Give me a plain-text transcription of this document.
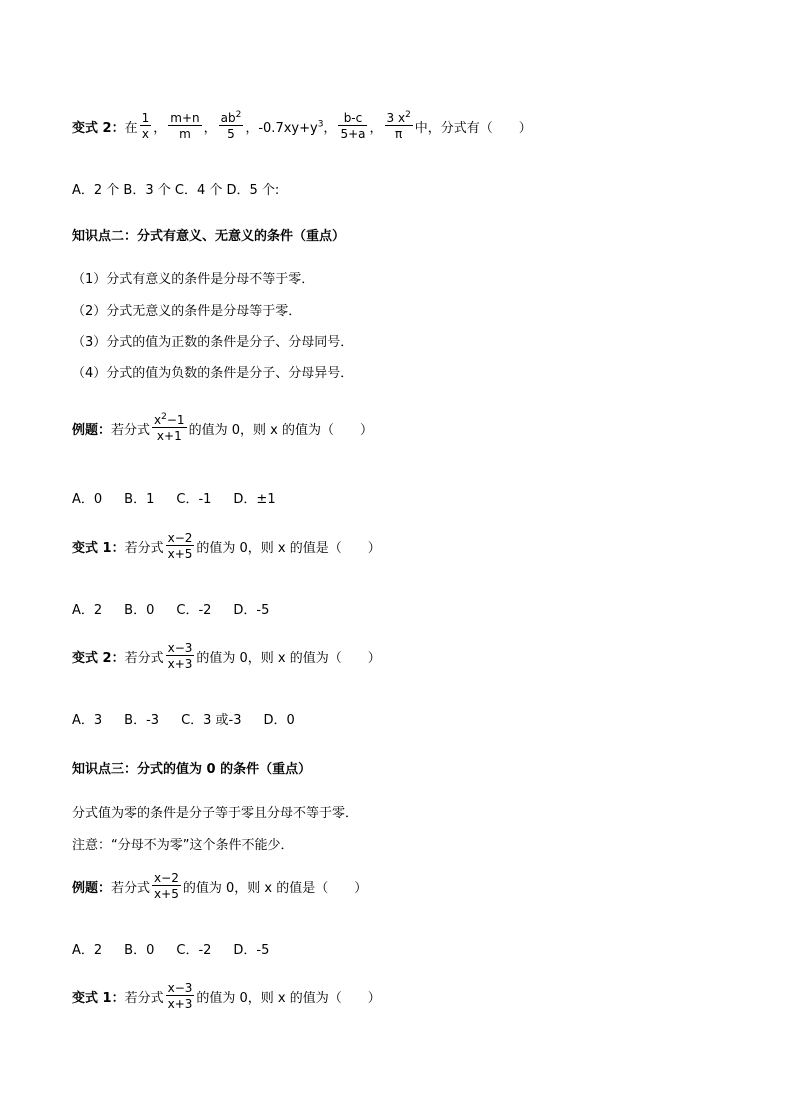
变式 2： 在 $\frac{1}{x}$ ， $\frac{m+n}{m}$ ， $\frac{ab^2}{5}$ ，$-0.7xy+y^3$ ， $\frac{b-c}{5+a}$ ， $\frac{3 x^2}{\pi}$ 中，分式有（　　）
A．2 个 B．3 个 C．4 个 D．5 个:
知识点二：分式有意义、无意义的条件（重点）
（1）分式有意义的条件是分母不等于零．
（2）分式无意义的条件是分母等于零．
（3）分式的值为正数的条件是分子、分母同号．
（4）分式的值为负数的条件是分子、分母异号．
例题： 若分式 $\frac{x^2-1}{x+1}$ 的值为 0，则 x 的值为（　　）
A．0 B．1 C．-1 D．±1
变式 1： 若分式 $\frac{x-2}{x+5}$ 的值为 0，则 x 的值是（　　）
A．2 B．0 C．-2 D．-5
变式 2： 若分式 $\frac{x-3}{x+3}$ 的值为 0，则 x 的值为（　　）
A．3 B．-3 C．3 或-3 D．0
知识点三：分式的值为 0 的条件（重点）
分式值为零的条件是分子等于零且分母不等于零．
注意：“分母不为零”这个条件不能少．
例题： 若分式 $\frac{x-2}{x+5}$ 的值为 0，则 x 的值是（　　）
A．2 B．0 C．-2 D．-5
变式 1： 若分式 $\frac{x-3}{x+3}$ 的值为 0，则 x 的值为（　　）
